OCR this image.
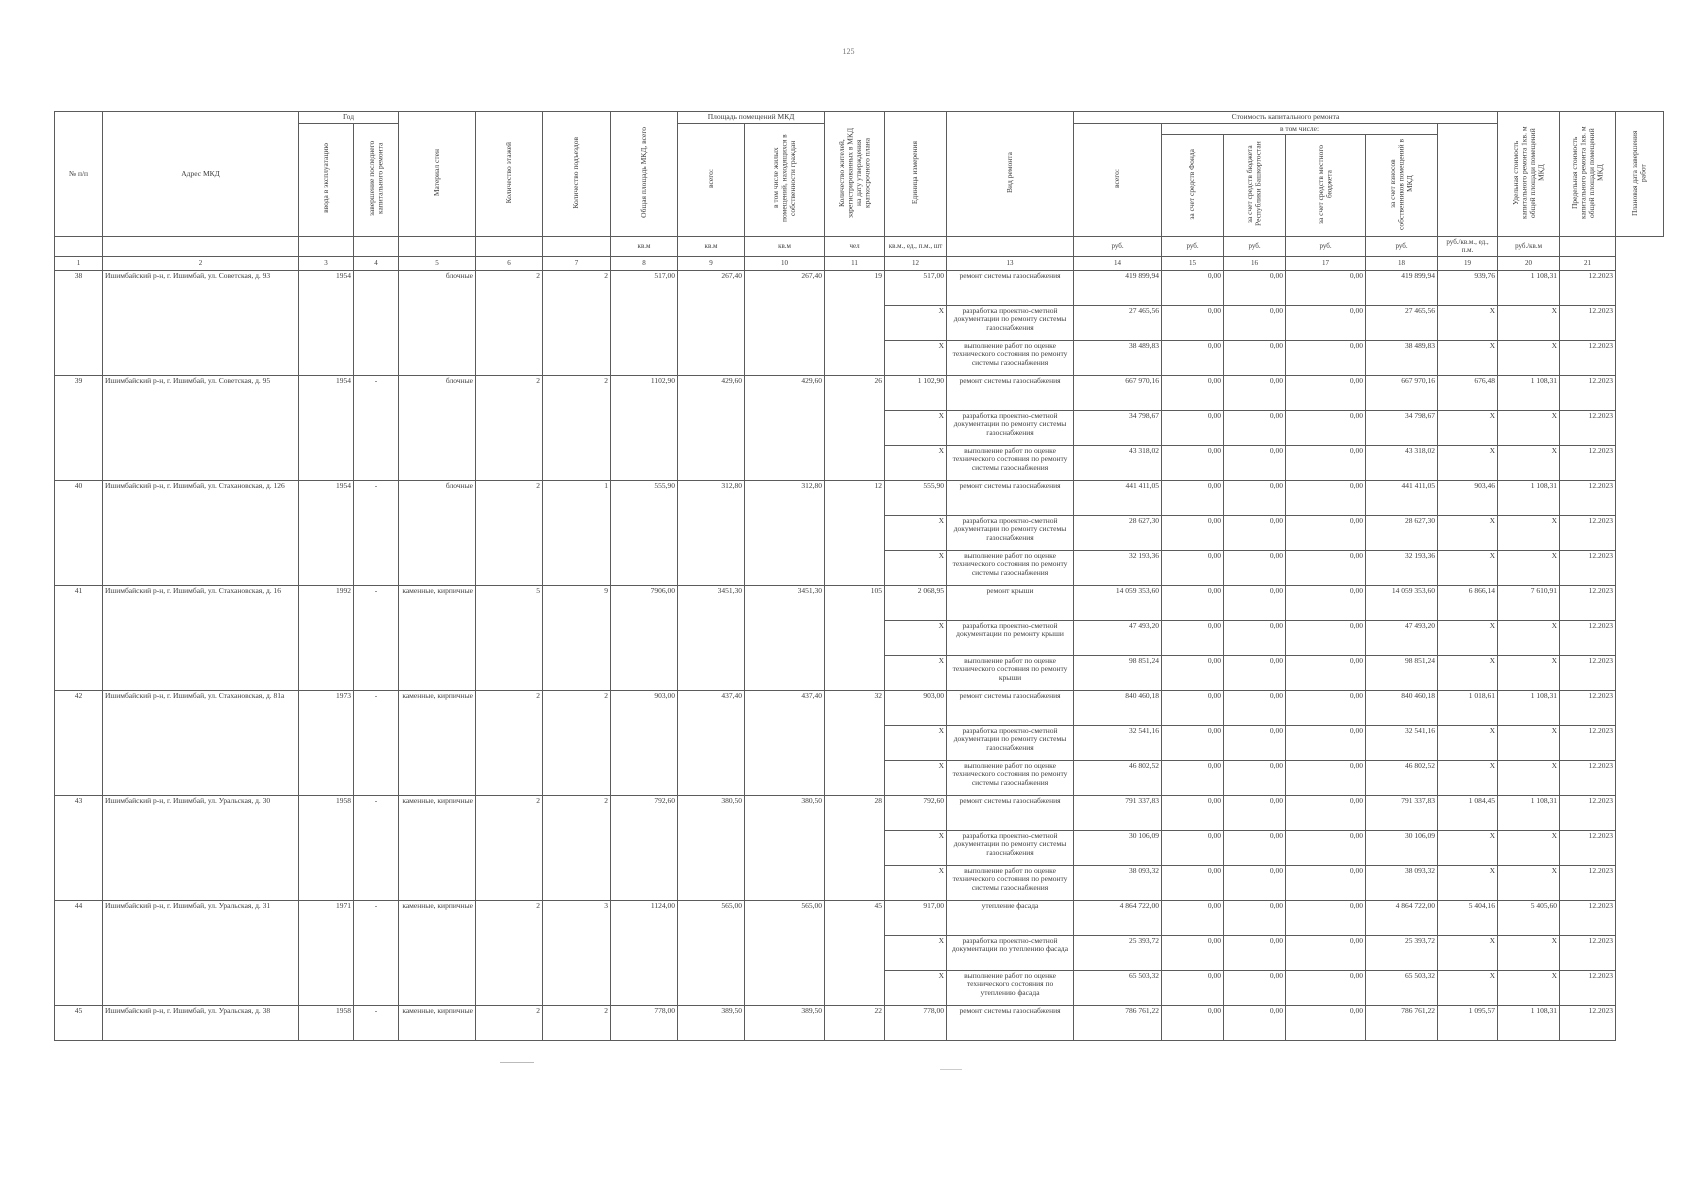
125
№ п/п	Адрес МКД	Год		Материал стен	Количество этажей	Количество подъездов	Общая площадь МКД, всего	Площадь помещений МКД		Количество жителей, зарегистрированных в МКД на дату утверждения краткосрочного плана	Единица измерения	Вид ремонта	Стоимость капитального ремонта						Удельная стоимость капитального ремонта 1кв. м общей площади помещений МКД	Предельная стоимость капитального ремонта 1кв. м общей площади помещений МКД	Плановая дата завершения работ
		ввода в эксплуатацию	завершение последнего капитального ремонта					всего:	в том числе жилых помещений, находящихся в собственности граждан				всего:	в том числе:							
														за счет средств Фонда	за счет средств бюджета Республики Башкортостан	за счет средств местного бюджета	за счет взносов собственников помещений в МКД				
							кв.м	кв.м	кв.м	чел	кв.м., ед., п.м., шт		руб.	руб.	руб.	руб.	руб.	руб./кв.м., ед., п.м.	руб./кв.м		
1	2	3	4	5	6	7	8	9	10	11	12	13	14	15	16	17	18	19	20	21	
38	Ишимбайский р-н, г. Ишимбай, ул. Советская, д. 93	1954		блочные	2	2	517,00	267,40	267,40	19	517,00	ремонт системы газоснабжения	419 899,94	0,00	0,00	0,00	419 899,94	939,76	1 108,31	12.2023	
											X	разработка проектно-сметной документации по ремонту системы газоснабжения	27 465,56	0,00	0,00	0,00	27 465,56	X	X	12.2023	
											X	выполнение работ по оценке технического состояния по ремонту системы газоснабжения	38 489,83	0,00	0,00	0,00	38 489,83	X	X	12.2023	
39	Ишимбайский р-н, г. Ишимбай, ул. Советская, д. 95	1954	-	блочные	2	2	1102,90	429,60	429,60	26	1 102,90	ремонт системы газоснабжения	667 970,16	0,00	0,00	0,00	667 970,16	676,48	1 108,31	12.2023	
											X	разработка проектно-сметной документации по ремонту системы газоснабжения	34 798,67	0,00	0,00	0,00	34 798,67	X	X	12.2023	
											X	выполнение работ по оценке технического состояния по ремонту системы газоснабжения	43 318,02	0,00	0,00	0,00	43 318,02	X	X	12.2023	
40	Ишимбайский р-н, г. Ишимбай, ул. Стахановская, д. 126	1954	-	блочные	2	1	555,90	312,80	312,80	12	555,90	ремонт системы газоснабжения	441 411,05	0,00	0,00	0,00	441 411,05	903,46	1 108,31	12.2023	
											X	разработка проектно-сметной документации по ремонту системы газоснабжения	28 627,30	0,00	0,00	0,00	28 627,30	X	X	12.2023	
											X	выполнение работ по оценке технического состояния по ремонту системы газоснабжения	32 193,36	0,00	0,00	0,00	32 193,36	X	X	12.2023	
41	Ишимбайский р-н, г. Ишимбай, ул. Стахановская, д. 16	1992	-	каменные, кирпичные	5	9	7906,00	3451,30	3451,30	105	2 068,95	ремонт крыши	14 059 353,60	0,00	0,00	0,00	14 059 353,60	6 866,14	7 610,91	12.2023	
											X	разработка проектно-сметной документации по ремонту крыши	47 493,20	0,00	0,00	0,00	47 493,20	X	X	12.2023	
											X	выполнение работ по оценке технического состояния по ремонту крыши	98 851,24	0,00	0,00	0,00	98 851,24	X	X	12.2023	
42	Ишимбайский р-н, г. Ишимбай, ул. Стахановская, д. 81а	1973	-	каменные, кирпичные	2	2	903,00	437,40	437,40	32	903,00	ремонт системы газоснабжения	840 460,18	0,00	0,00	0,00	840 460,18	1 018,61	1 108,31	12.2023	
											X	разработка проектно-сметной документации по ремонту системы газоснабжения	32 541,16	0,00	0,00	0,00	32 541,16	X	X	12.2023	
											X	выполнение работ по оценке технического состояния по ремонту системы газоснабжения	46 802,52	0,00	0,00	0,00	46 802,52	X	X	12.2023	
43	Ишимбайский р-н, г. Ишимбай, ул. Уральская, д. 30	1958	-	каменные, кирпичные	2	2	792,60	380,50	380,50	28	792,60	ремонт системы газоснабжения	791 337,83	0,00	0,00	0,00	791 337,83	1 084,45	1 108,31	12.2023	
											X	разработка проектно-сметной документации по ремонту системы газоснабжения	30 106,09	0,00	0,00	0,00	30 106,09	X	X	12.2023	
											X	выполнение работ по оценке технического состояния по ремонту системы газоснабжения	38 093,32	0,00	0,00	0,00	38 093,32	X	X	12.2023	
44	Ишимбайский р-н, г. Ишимбай, ул. Уральская, д. 31	1971	-	каменные, кирпичные	2	3	1124,00	565,00	565,00	45	917,00	утепление фасада	4 864 722,00	0,00	0,00	0,00	4 864 722,00	5 404,16	5 405,60	12.2023	
											X	разработка проектно-сметной документации по утеплению фасада	25 393,72	0,00	0,00	0,00	25 393,72	X	X	12.2023	
											X	выполнение работ по оценке технического состояния по утеплению фасада	65 503,32	0,00	0,00	0,00	65 503,32	X	X	12.2023	
45	Ишимбайский р-н, г. Ишимбай, ул. Уральская, д. 38	1958	-	каменные, кирпичные	2	2	778,00	389,50	389,50	22	778,00	ремонт системы газоснабжения	786 761,22	0,00	0,00	0,00	786 761,22	1 095,57	1 108,31	12.2023	
